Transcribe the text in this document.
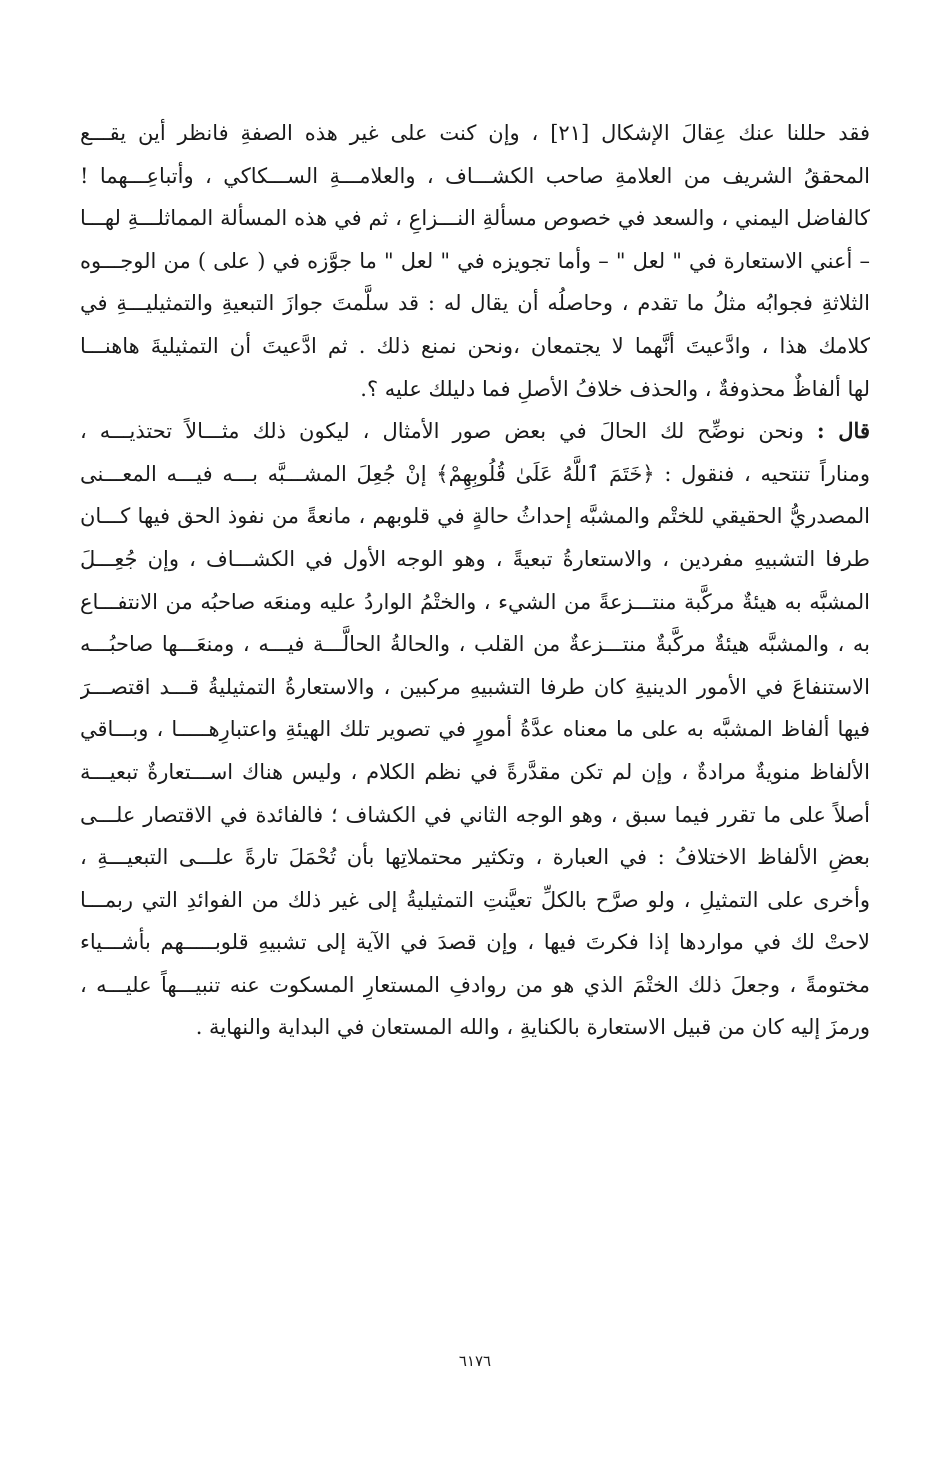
فقد حللنا عنك عِقالَ الإشكال [٢١] ، وإن كنت على غير هذه الصفةِ فانظر أين يقـــع
المحققُ الشريف من العلامةِ صاحب الكشـــاف ، والعلامـــةِ الســـكاكي ، وأتباعِـــهما !
كالفاضل اليمني ، والسعد في خصوص مسألةِ النـــزاعِ ، ثم في هذه المسألة المماثلـــةِ لهـــا
– أعني الاستعارة في " لعل " – وأما تجويزه في " لعل " ما جوَّزه في ( على ) من الوجـــوه
الثلاثةِ فجوابُه مثلُ ما تقدم ، وحاصلُه أن يقال له : قد سلَّمتَ جوازَ التبعيةِ والتمثيليـــةِ في
كلامك هذا ، وادَّعيتَ أنَّهما لا يجتمعان ،ونحن نمنع ذلك . ثم ادَّعيتَ أن التمثيليةَ هاهنـــا
لها ألفاظٌ محذوفةٌ ، والحذف خلافُ الأصلِ فما دليلك عليه ؟.
قال : ونحن نوضِّح لك الحالَ في بعض صور الأمثال ، ليكون ذلك مثـــالاً تحتذيـــه ،
ومناراً تنتحيه ، فنقول : ﴿خَتَمَ ٱللَّهُ عَلَىٰ قُلُوبِهِمْ﴾ إنْ جُعِلَ المشـــبَّه بـــه فيـــه المعـــنى
المصدريُّ الحقيقي للختْم والمشبَّه إحداثُ حالةٍ في قلوبهم ، مانعةً من نفوذ الحق فيها كـــان
طرفا التشبيهِ مفردين ، والاستعارةُ تبعيةً ، وهو الوجه الأول في الكشـــاف ، وإن جُعِـــلَ
المشبَّه به هيئةٌ مركَّبة منتـــزعةً من الشيء ، والختْمُ الواردُ عليه ومنعَه صاحبُه من الانتفـــاع
به ، والمشبَّه هيئةٌ مركَّبةٌ منتـــزعةٌ من القلب ، والحالةُ الحالَّـــة فيـــه ، ومنعَـــها صاحبُـــه
الاستنفاعَ في الأمور الدينيةِ كان طرفا التشبيهِ مركبين ، والاستعارةُ التمثيليةُ قـــد اقتصـــرَ
فيها ألفاظ المشبَّه به على ما معناه عدَّةُ أمورٍ في تصوير تلك الهيئةِ واعتبارِهـــــا ، وبـــاقي
الألفاظ منويةٌ مرادةٌ ، وإن لم تكن مقدَّرةً في نظم الكلام ، وليس هناك اســـتعارةٌ تبعيـــة
أصلاً على ما تقرر فيما سبق ، وهو الوجه الثاني في الكشاف ؛ فالفائدة في الاقتصار علـــى
بعضِ الألفاظ الاختلافُ : في العبارة ، وتكثير محتملاتِها بأن تُحْمَلَ تارةً علـــى التبعيـــةِ ،
وأخرى على التمثيلِ ، ولو صرَّح بالكلِّ تعيَّنتِ التمثيليةُ إلى غير ذلك من الفوائدِ التي ربمـــا
لاحتْ لك في مواردها إذا فكرتَ فيها ، وإن قصدَ في الآية إلى تشبيهِ قلوبـــــهم بأشـــياء
مختومةً ، وجعلَ ذلك الختْمَ الذي هو من روادفِ المستعارِ المسكوت عنه تنبيـــهاً عليـــه ،
ورمزَ إليه كان من قبيل الاستعارة بالكنايةِ ، والله المستعان في البداية والنهاية .
٦١٧٦
